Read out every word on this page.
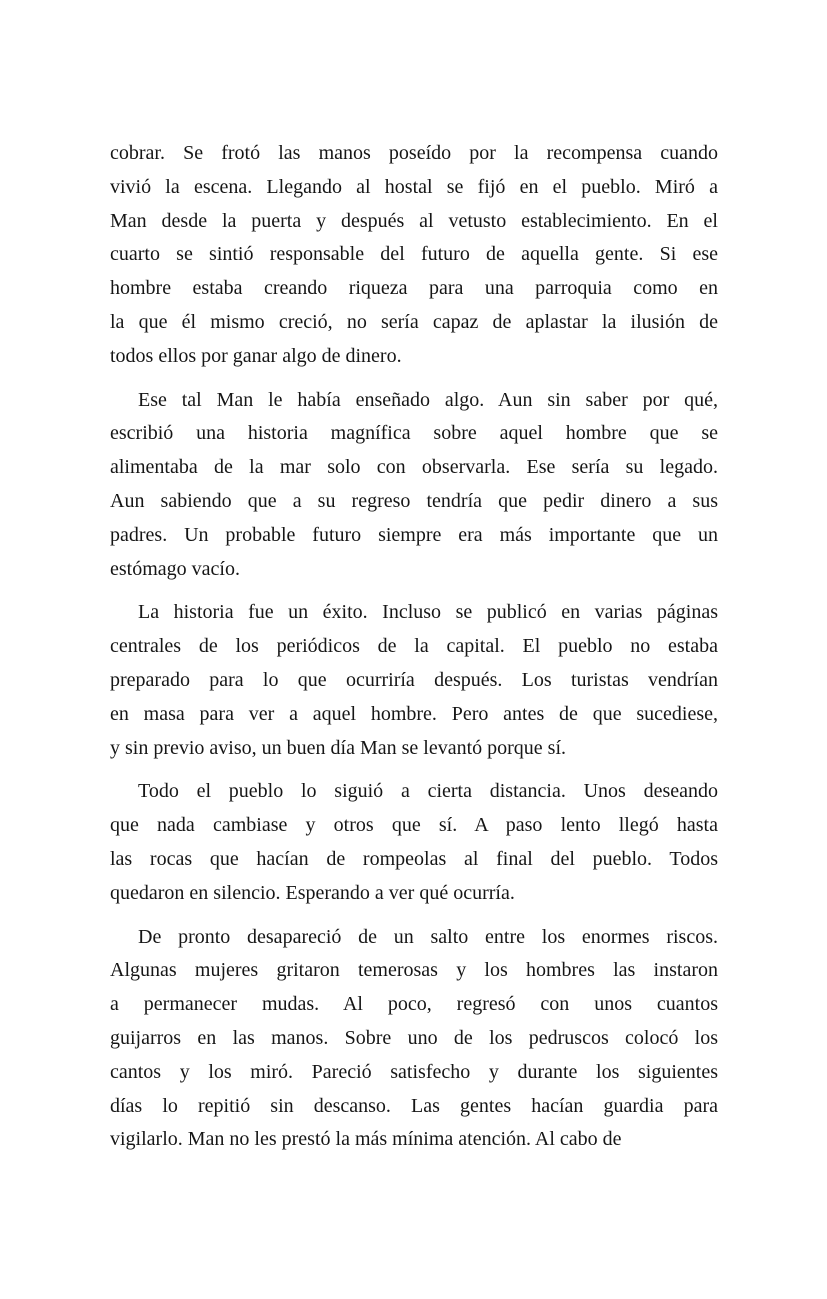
cobrar. Se frotó las manos poseído por la recompensa cuando
vivió la escena. Llegando al hostal se fijó en el pueblo. Miró a
Man desde la puerta y después al vetusto establecimiento. En el
cuarto se sintió responsable del futuro de aquella gente. Si ese
hombre estaba creando riqueza para una parroquia como en
la que él mismo creció, no sería capaz de aplastar la ilusión de
todos ellos por ganar algo de dinero.

Ese tal Man le había enseñado algo. Aun sin saber por qué,
escribió una historia magnífica sobre aquel hombre que se
alimentaba de la mar solo con observarla. Ese sería su legado.
Aun sabiendo que a su regreso tendría que pedir dinero a sus
padres. Un probable futuro siempre era más importante que un
estómago vacío.

La historia fue un éxito. Incluso se publicó en varias páginas
centrales de los periódicos de la capital. El pueblo no estaba
preparado para lo que ocurriría después. Los turistas vendrían
en masa para ver a aquel hombre. Pero antes de que sucediese,
y sin previo aviso, un buen día Man se levantó porque sí.

Todo el pueblo lo siguió a cierta distancia. Unos deseando
que nada cambiase y otros que sí. A paso lento llegó hasta
las rocas que hacían de rompeolas al final del pueblo. Todos
quedaron en silencio. Esperando a ver qué ocurría.

De pronto desapareció de un salto entre los enormes riscos.
Algunas mujeres gritaron temerosas y los hombres las instaron
a permanecer mudas. Al poco, regresó con unos cuantos
guijarros en las manos. Sobre uno de los pedruscos colocó los
cantos y los miró. Pareció satisfecho y durante los siguientes
días lo repitió sin descanso. Las gentes hacían guardia para
vigilarlo. Man no les prestó la más mínima atención. Al cabo de
